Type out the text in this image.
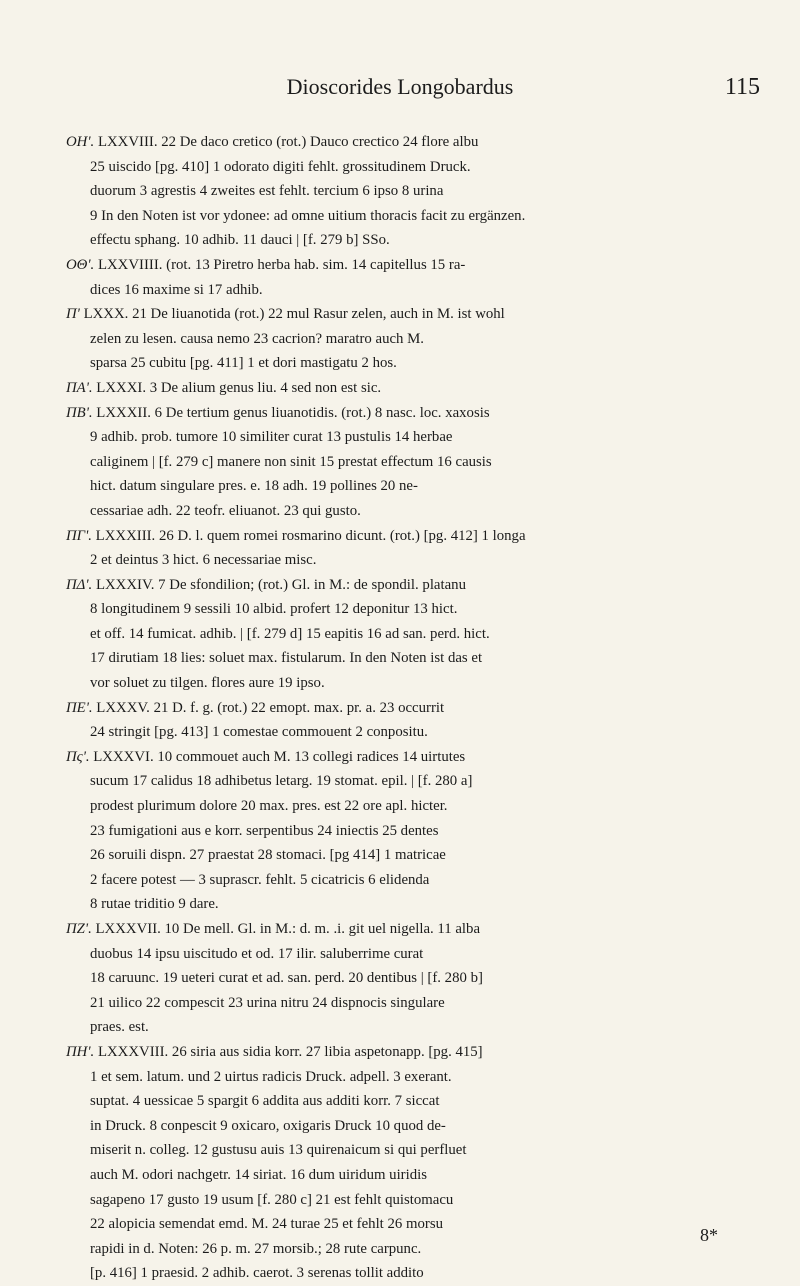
Dioscorides Longobardus	115
ΟΗ'. LXXVIII. 22 De daco cretico (rot.) Dauco crectico 24 flore albu
25 uiscido [pg. 410] 1 odorato digiti fehlt. grossitudinem Druck.
duorum 3 agrestis 4 zweites est fehlt. tercium 6 ipso 8 urina
9 In den Noten ist vor ydonee: ad omne uitium thoracis facit zu ergänzen.
effectu sphang. 10 adhib. 11 dauci | [f. 279 b] SSo.
ΟΘ'. LXXVIIII. (rot. 13 Piretro herba hab. sim. 14 capitellus 15 ra-
dices 16 maxime si 17 adhib.
Π' LXXX. 21 De liuanotida (rot.) 22 mul Rasur zelen, auch in M. ist wohl
zelen zu lesen. causa nemo 23 cacrion? maratro auch M.
sparsa 25 cubitu [pg. 411] 1 et dori mastigatu 2 hos.
ΠΑ'. LXXXI. 3 De alium genus liu. 4 sed non est sic.
ΠΒ'. LXXXII. 6 De tertium genus liuanotidis. (rot.) 8 nasc. loc. xaxosis
9 adhib. prob. tumore 10 similiter curat 13 pustulis 14 herbae
caliginem | [f. 279 c] manere non sinit 15 prestat effectum 16 causis
hict. datum singulare pres. e. 18 adh. 19 pollines 20 ne-
cessariae adh. 22 teofr. eliuanot. 23 qui gusto.
ΠΓ'. LXXXIII. 26 D. l. quem romei rosmarino dicunt. (rot.) [pg. 412] 1 longa
2 et deintus 3 hict. 6 necessariae misc.
ΠΔ'. LXXXIV. 7 De sfondilion; (rot.) Gl. in M.: de spondil. platanu
8 longitudinem 9 sessili 10 albid. profert 12 deponitur 13 hict.
et off. 14 fumicat. adhib. | [f. 279 d] 15 eapitis 16 ad san. perd. hict.
17 dirutiam 18 lies: soluet max. fistularum. In den Noten ist das et
vor soluet zu tilgen. flores aure 19 ipso.
ΠΕ'. LXXXV. 21 D. f. g. (rot.) 22 emopt. max. pr. a. 23 occurrit
24 stringit [pg. 413] 1 comestae commouent 2 conpositu.
Πς'. LXXXVI. 10 commouet auch M. 13 collegi radices 14 uirtutes
sucum 17 calidus 18 adhibetus letarg. 19 stomat. epil. | [f. 280 a]
prodest plurimum dolore 20 max. pres. est 22 ore apl. hicter.
23 fumigationi aus e korr. serpentibus 24 iniectis 25 dentes
26 soruili dispn. 27 praestat 28 stomaci. [pg 414] 1 matricae
2 facere potest — 3 suprascr. fehlt. 5 cicatricis 6 elidenda
8 rutae triditio 9 dare.
ΠΖ'. LXXXVII. 10 De mell. Gl. in M.: d. m. .i. git uel nigella. 11 alba
duobus 14 ipsu uiscitudo et od. 17 ilir. saluberrime curat
18 caruunc. 19 ueteri curat et ad. san. perd. 20 dentibus | [f. 280 b]
21 uilico 22 compescit 23 urina nitru 24 dispnocis singulare
praes. est.
ΠΗ'. LXXXVIII. 26 siria aus sidia korr. 27 libia aspetonapp. [pg. 415]
1 et sem. latum. und 2 uirtus radicis Druck. adpell. 3 exerant.
suptat. 4 uessicae 5 spargit 6 addita aus additi korr. 7 siccat
in Druck. 8 conpescit 9 oxicaro, oxigaris Druck 10 quod de-
miserit n. colleg. 12 gustusu auis 13 quirenaicum si qui perfluet
auch M. odori nachgetr. 14 siriat. 16 dum uiridum uiridis
sagapeno 17 gusto 19 usum [f. 280 c] 21 est fehlt quistomacu
22 alopicia semendat emd. M. 24 turae 25 et fehlt 26 morsu
rapidi in d. Noten: 26 p. m. 27 morsib.; 28 rute carpunc.
[p. 416] 1 praesid. 2 adhib. caerot. 3 serenas tollit addito
8*
